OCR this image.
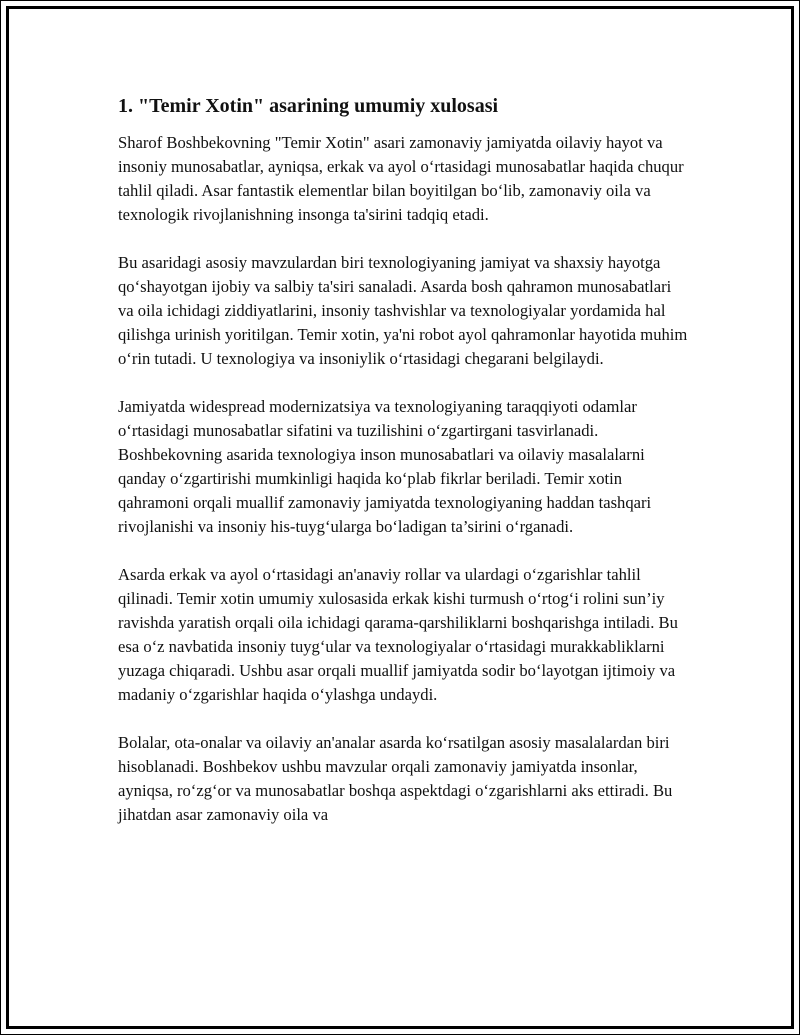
1. "Temir Xotin" asarining umumiy xulosasi

Sharof Boshbekovning "Temir Xotin" asari zamonaviy jamiyatda oilaviy hayot va insoniy munosabatlar, ayniqsa, erkak va ayol o‘rtasidagi munosabatlar haqida chuqur tahlil qiladi. Asar fantastik elementlar bilan boyitilgan bo‘lib, zamonaviy oila va texnologik rivojlanishning insonga ta'sirini tadqiq etadi.

Bu asaridagi asosiy mavzulardan biri texnologiyaning jamiyat va shaxsiy hayotga qo‘shayotgan ijobiy va salbiy ta'siri sanaladi. Asarda bosh qahramon munosabatlari va oila ichidagi ziddiyatlarini, insoniy tashvishlar va texnologiyalar yordamida hal qilishga urinish yoritilgan. Temir xotin, ya'ni robot ayol qahramonlar hayotida muhim o‘rin tutadi. U texnologiya va insoniylik o‘rtasidagi chegarani belgilaydi.

Jamiyatda widespread modernizatsiya va texnologiyaning taraqqiyoti odamlar o‘rtasidagi munosabatlar sifatini va tuzilishini o‘zgartirgani tasvirlanadi. Boshbekovning asarida texnologiya inson munosabatlari va oilaviy masalalarni qanday o‘zgartirishi mumkinligi haqida ko‘plab fikrlar beriladi. Temir xotin qahramoni orqali muallif zamonaviy jamiyatda texnologiyaning haddan tashqari rivojlanishi va insoniy his-tuyg‘ularga bo‘ladigan ta’sirini o‘rganadi.

Asarda erkak va ayol o‘rtasidagi an'anaviy rollar va ulardagi o‘zgarishlar tahlil qilinadi. Temir xotin umumiy xulosasida erkak kishi turmush o‘rtog‘i rolini sun’iy ravishda yaratish orqali oila ichidagi qarama-qarshiliklarni boshqarishga intiladi. Bu esa o‘z navbatida insoniy tuyg‘ular va texnologiyalar o‘rtasidagi murakkabliklarni yuzaga chiqaradi. Ushbu asar orqali muallif jamiyatda sodir bo‘layotgan ijtimoiy va madaniy o‘zgarishlar haqida o‘ylashga undaydi.

Bolalar, ota-onalar va oilaviy an'analar asarda ko‘rsatilgan asosiy masalalardan biri hisoblanadi. Boshbekov ushbu mavzular orqali zamonaviy jamiyatda insonlar, ayniqsa, ro‘zg‘or va munosabatlar boshqa aspektdagi o‘zgarishlarni aks ettiradi. Bu jihatdan asar zamonaviy oila va
